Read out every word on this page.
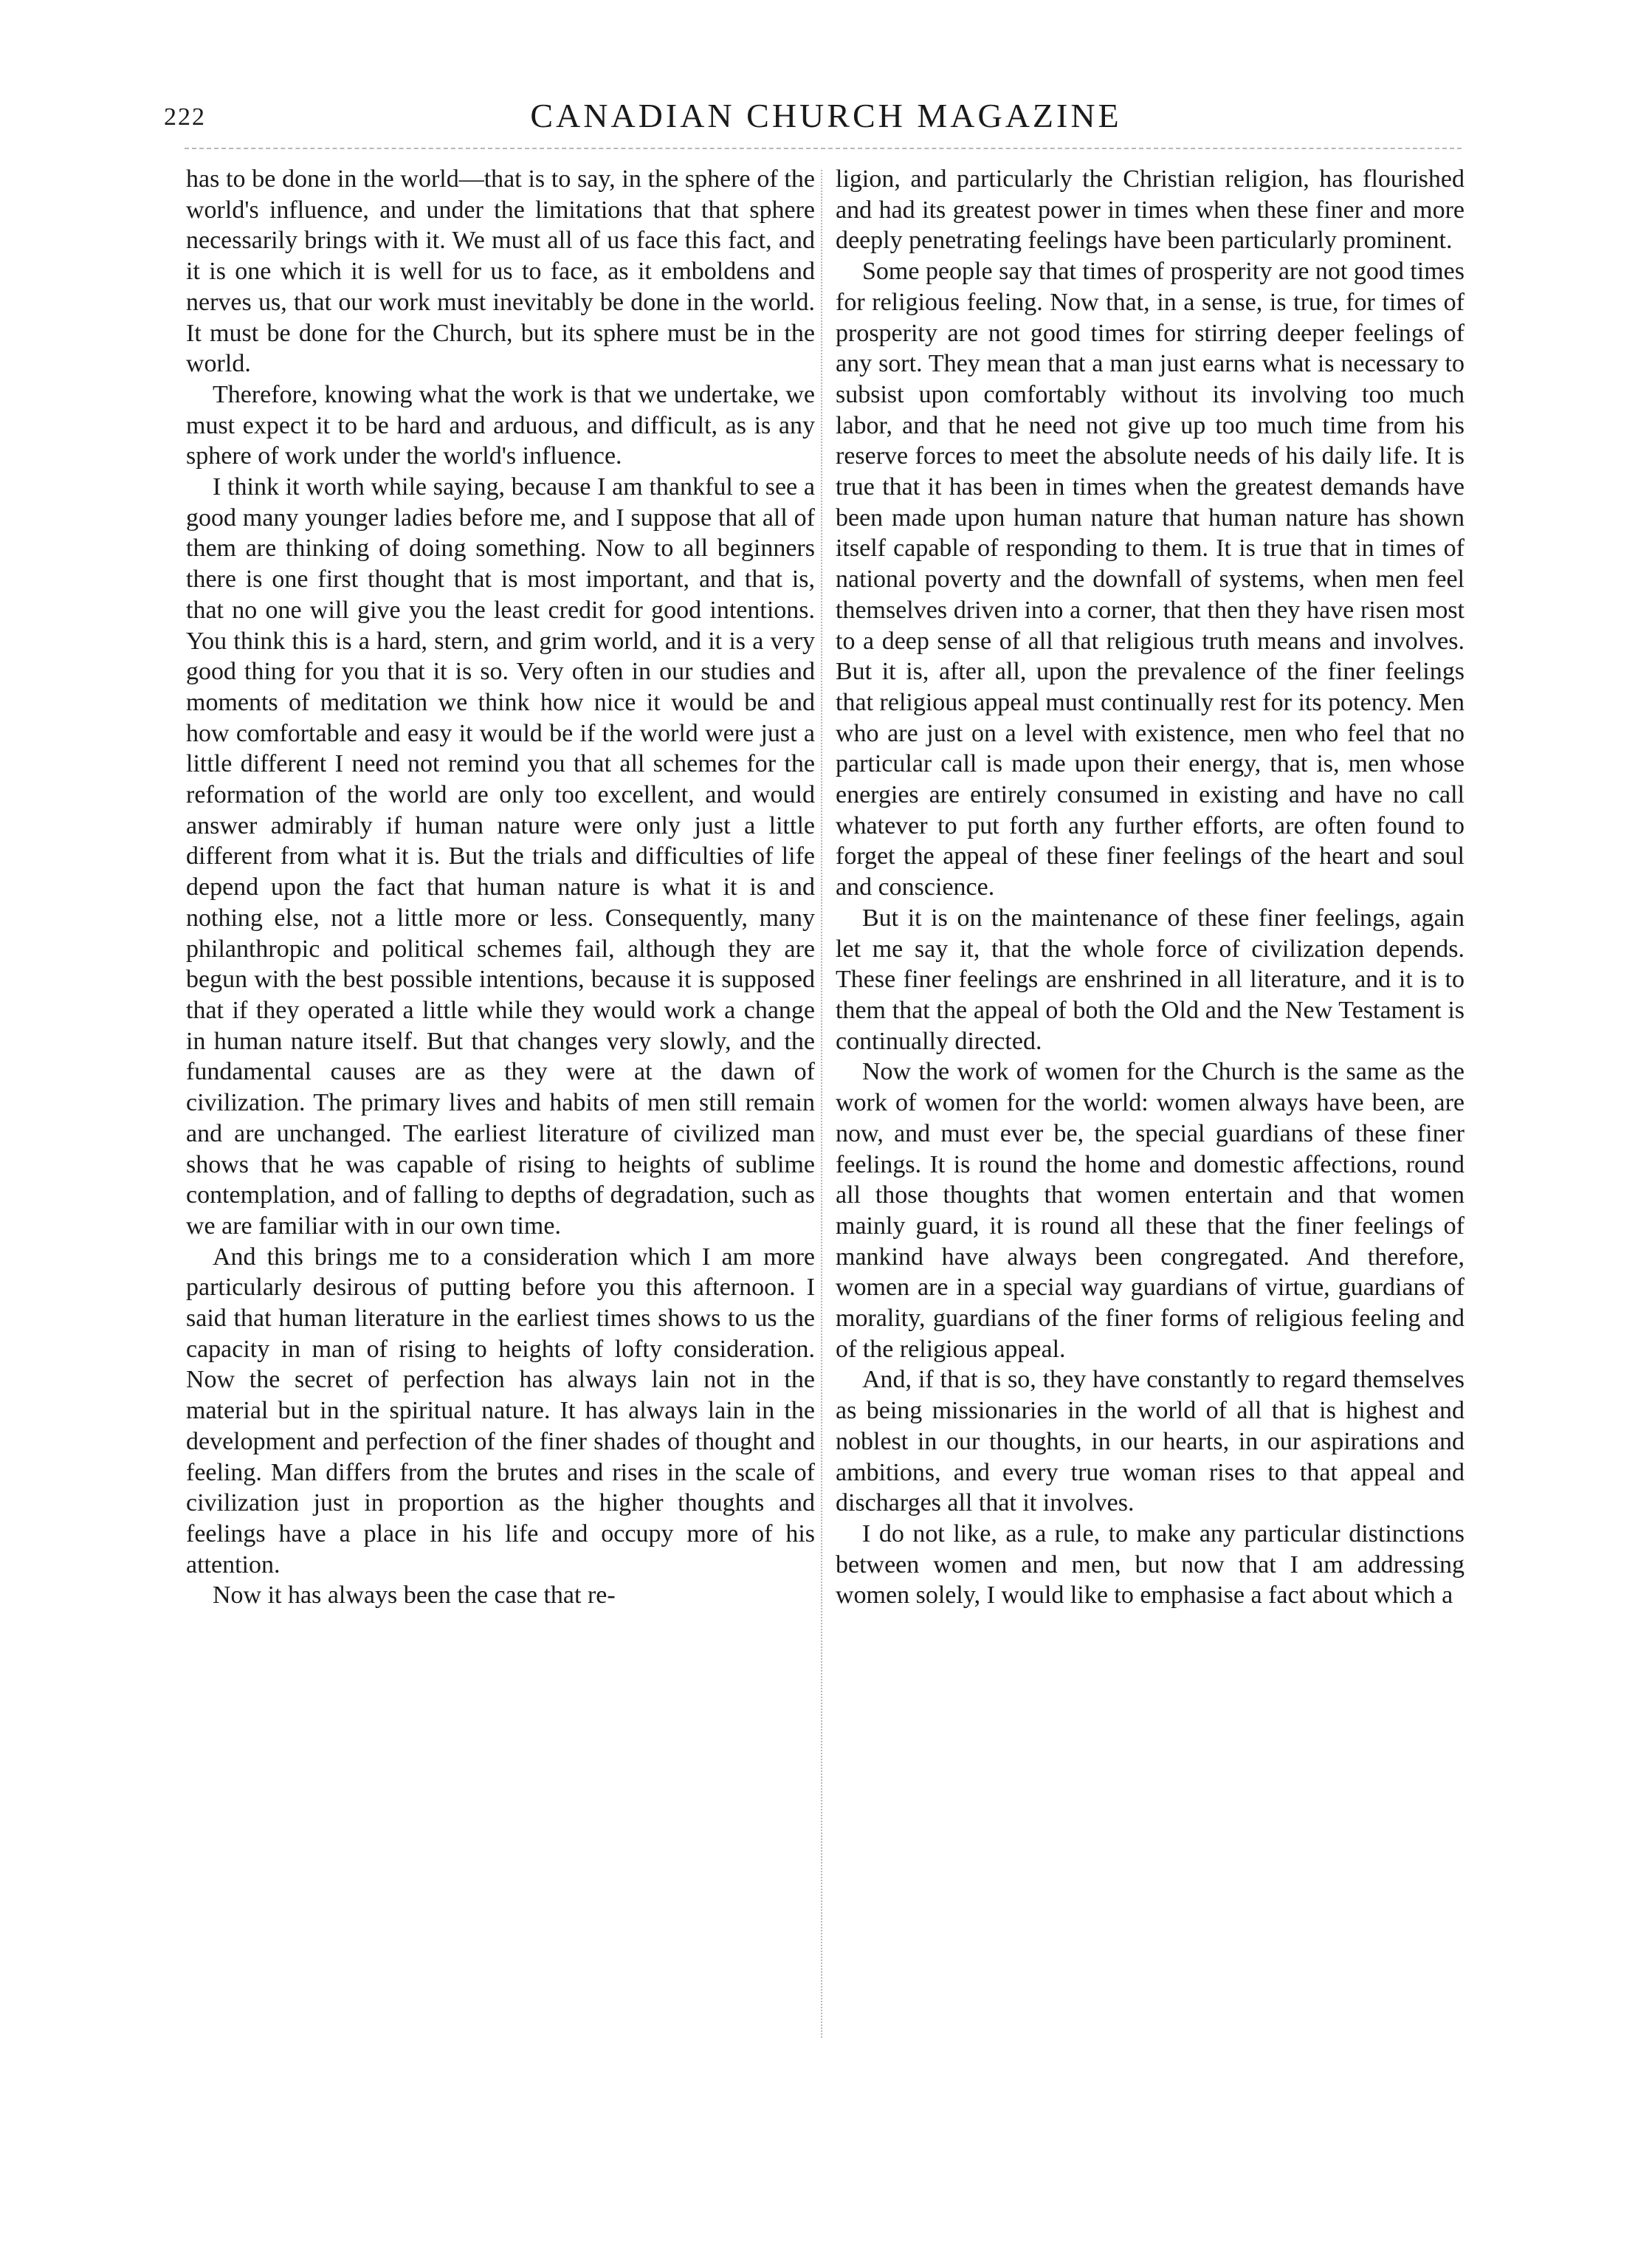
222	CANADIAN CHURCH MAGAZINE

has to be done in the world—that is to say, in the sphere of the world's influence, and under the limitations that that sphere necessarily brings with it. We must all of us face this fact, and it is one which it is well for us to face, as it emboldens and nerves us, that our work must inevitably be done in the world. It must be done for the Church, but its sphere must be in the world.

Therefore, knowing what the work is that we undertake, we must expect it to be hard and arduous, and difficult, as is any sphere of work under the world's influence.

I think it worth while saying, because I am thankful to see a good many younger ladies before me, and I suppose that all of them are thinking of doing something. Now to all beginners there is one first thought that is most important, and that is, that no one will give you the least credit for good intentions. You think this is a hard, stern, and grim world, and it is a very good thing for you that it is so. Very often in our studies and moments of meditation we think how nice it would be and how comfortable and easy it would be if the world were just a little different I need not remind you that all schemes for the reformation of the world are only too excellent, and would answer admirably if human nature were only just a little different from what it is. But the trials and difficulties of life depend upon the fact that human nature is what it is and nothing else, not a little more or less. Consequently, many philanthropic and political schemes fail, although they are begun with the best possible intentions, because it is supposed that if they operated a little while they would work a change in human nature itself. But that changes very slowly, and the fundamental causes are as they were at the dawn of civilization. The primary lives and habits of men still remain and are unchanged. The earliest literature of civilized man shows that he was capable of rising to heights of sublime contemplation, and of falling to depths of degradation, such as we are familiar with in our own time.

And this brings me to a consideration which I am more particularly desirous of putting before you this afternoon. I said that human literature in the earliest times shows to us the capacity in man of rising to heights of lofty consideration. Now the secret of perfection has always lain not in the material but in the spiritual nature. It has always lain in the development and perfection of the finer shades of thought and feeling. Man differs from the brutes and rises in the scale of civilization just in proportion as the higher thoughts and feelings have a place in his life and occupy more of his attention.

Now it has always been the case that re-

ligion, and particularly the Christian religion, has flourished and had its greatest power in times when these finer and more deeply penetrating feelings have been particularly prominent.

Some people say that times of prosperity are not good times for religious feeling. Now that, in a sense, is true, for times of prosperity are not good times for stirring deeper feelings of any sort. They mean that a man just earns what is necessary to subsist upon comfortably without its involving too much labor, and that he need not give up too much time from his reserve forces to meet the absolute needs of his daily life. It is true that it has been in times when the greatest demands have been made upon human nature that human nature has shown itself capable of responding to them. It is true that in times of national poverty and the downfall of systems, when men feel themselves driven into a corner, that then they have risen most to a deep sense of all that religious truth means and involves. But it is, after all, upon the prevalence of the finer feelings that religious appeal must continually rest for its potency. Men who are just on a level with existence, men who feel that no particular call is made upon their energy, that is, men whose energies are entirely consumed in existing and have no call whatever to put forth any further efforts, are often found to forget the appeal of these finer feelings of the heart and soul and conscience.

But it is on the maintenance of these finer feelings, again let me say it, that the whole force of civilization depends. These finer feelings are enshrined in all literature, and it is to them that the appeal of both the Old and the New Testament is continually directed.

Now the work of women for the Church is the same as the work of women for the world: women always have been, are now, and must ever be, the special guardians of these finer feelings. It is round the home and domestic affections, round all those thoughts that women entertain and that women mainly guard, it is round all these that the finer feelings of mankind have always been congregated. And therefore, women are in a special way guardians of virtue, guardians of morality, guardians of the finer forms of religious feeling and of the religious appeal.

And, if that is so, they have constantly to regard themselves as being missionaries in the world of all that is highest and noblest in our thoughts, in our hearts, in our aspirations and ambitions, and every true woman rises to that appeal and discharges all that it involves.

I do not like, as a rule, to make any particular distinctions between women and men, but now that I am addressing women solely, I would like to emphasise a fact about which a
